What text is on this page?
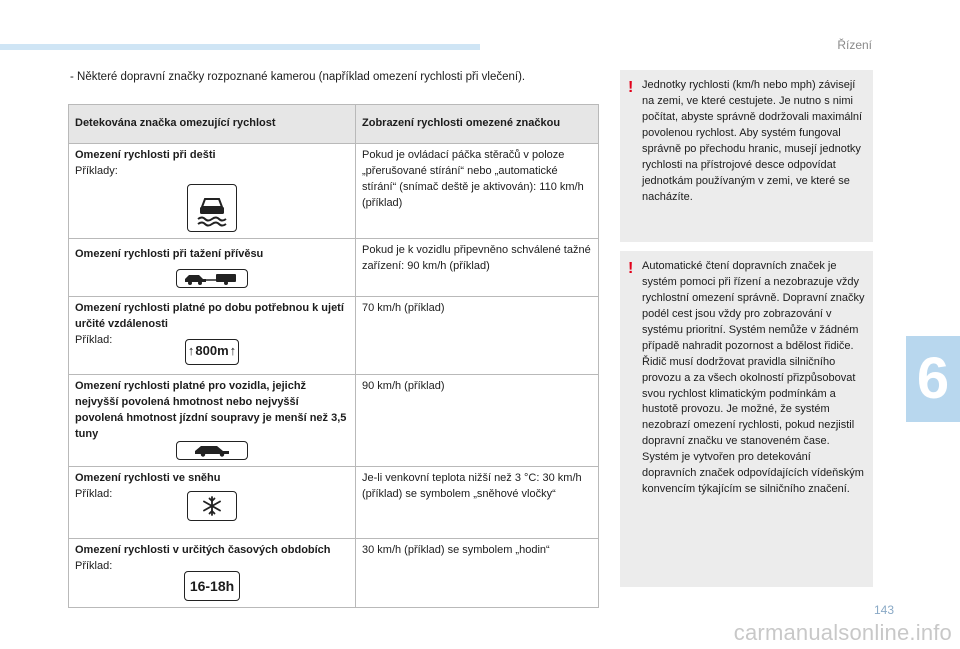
Řízení

- Některé dopravní značky rozpoznané kamerou (například omezení rychlosti při vlečení).

Detekována značka omezující rychlost	Zobrazení rychlosti omezené značkou

Omezení rychlosti při dešti
Příklady:	Pokud je ovládací páčka stěračů v poloze „přerušované stírání“ nebo „automatické stírání“ (snímač deště je aktivován): 110 km/h (příklad)

Omezení rychlosti při tažení přívěsu	Pokud je k vozidlu připevněno schválené tažné zařízení: 90 km/h (příklad)

Omezení rychlosti platné po dobu potřebnou k ujetí určité vzdálenosti
Příklad:
↑ 800m ↑	70 km/h (příklad)

Omezení rychlosti platné pro vozidla, jejichž nejvyšší povolená hmotnost nebo nejvyšší povolená hmotnost jízdní soupravy je menší než 3,5 tuny	90 km/h (příklad)

Omezení rychlosti ve sněhu
Příklad:	Je-li venkovní teplota nižší než 3 °C: 30 km/h (příklad) se symbolem „sněhové vločky“

Omezení rychlosti v určitých časových obdobích
Příklad:
16-18h	30 km/h (příklad) se symbolem „hodin“
! Jednotky rychlosti (km/h nebo mph) závisejí na zemi, ve které cestujete. Je nutno s nimi počítat, abyste správně dodržovali maximální povolenou rychlost. Aby systém fungoval správně po přechodu hranic, musejí jednotky rychlosti na přístrojové desce odpovídat jednotkám používaným v zemi, ve které se nacházíte.

! Automatické čtení dopravních značek je systém pomoci při řízení a nezobrazuje vždy rychlostní omezení správně. Dopravní značky podél cest jsou vždy pro zobrazování v systému prioritní. Systém nemůže v žádném případě nahradit pozornost a bdělost řidiče. Řidič musí dodržovat pravidla silničního provozu a za všech okolností přizpůsobovat svou rychlost klimatickým podmínkám a hustotě provozu. Je možné, že systém nezobrazí omezení rychlosti, pokud nezjistil dopravní značku ve stanoveném čase. Systém je vytvořen pro detekování dopravních značek odpovídajících vídeňským konvencím týkajícím se silničního značení.

6
143
carmanualsonline.info
